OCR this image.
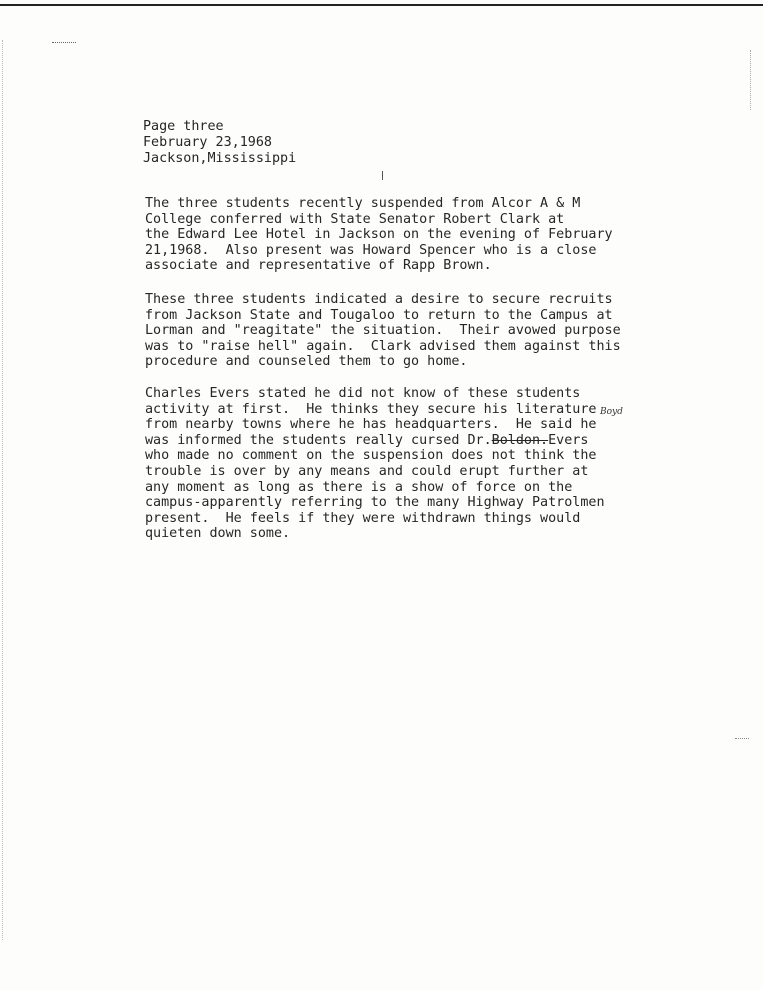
Page three
February 23,1968
Jackson,Mississippi
The three students recently suspended from Alcor A & M
College conferred with State Senator Robert Clark at
the Edward Lee Hotel in Jackson on the evening of February
21,1968.  Also present was Howard Spencer who is a close
associate and representative of Rapp Brown.
These three students indicated a desire to secure recruits
from Jackson State and Tougaloo to return to the Campus at
Lorman and "reagitate" the situation.  Their avowed purpose
was to "raise hell" again.  Clark advised them against this
procedure and counseled them to go home.
Charles Evers stated he did not know of these students
activity at first.  He thinks they secure his literature
from nearby towns where he has headquarters.  He said he
was informed the students really cursed Dr.Boldon.Evers
who made no comment on the suspension does not think the
trouble is over by any means and could erupt further at
any moment as long as there is a show of force on the
campus-apparently referring to the many Highway Patrolmen
present.  He feels if they were withdrawn things would
quieten down some.
Boyd
